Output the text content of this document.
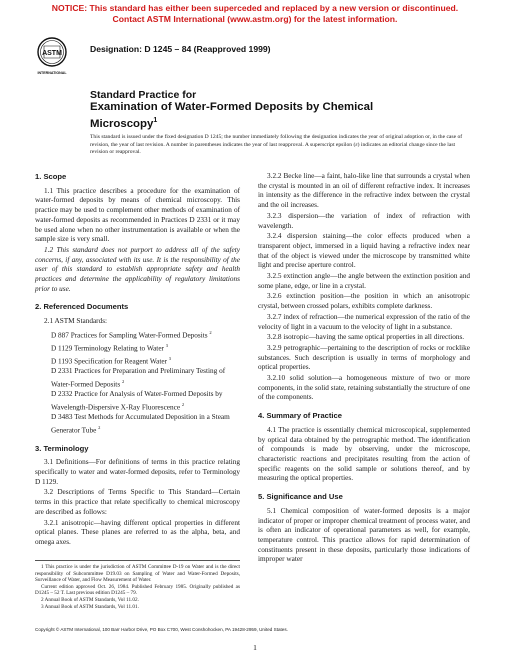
NOTICE: This standard has either been superceded and replaced by a new version or discontinued.
Contact ASTM International (www.astm.org) for the latest information.
ASTM
INTERNATIONAL
Designation: D 1245 – 84 (Reapproved 1999)
Standard Practice for
Examination of Water-Formed Deposits by Chemical
Microscopy$^1$
This standard is issued under the fixed designation D 1245; the number immediately following the designation indicates the year of original adoption or, in the case of revision, the year of last revision. A number in parentheses indicates the year of last reapproval. A superscript epsilon (ε) indicates an editorial change since the last revision or reapproval.
1. Scope

1.1 This practice describes a procedure for the examination of water-formed deposits by means of chemical microscopy. This practice may be used to complement other methods of examination of water-formed deposits as recommended in Practices D 2331 or it may be used alone when no other instrumentation is available or when the sample size is very small.

1.2 This standard does not purport to address all of the safety concerns, if any, associated with its use. It is the responsibility of the user of this standard to establish appropriate safety and health practices and determine the applicability of regulatory limitations prior to use.

2. Referenced Documents

2.1 ASTM Standards:

D 887 Practices for Sampling Water-Formed Deposits $^2$

D 1129 Terminology Relating to Water $^3$

D 1193 Specification for Reagent Water $^3$

D 2331 Practices for Preparation and Preliminary Testing of Water-Formed Deposits $^2$

D 2332 Practice for Analysis of Water-Formed Deposits by Wavelength-Dispersive X-Ray Fluorescence $^2$

D 3483 Test Methods for Accumulated Deposition in a Steam Generator Tube $^2$

3. Terminology

3.1 Definitions—For definitions of terms in this practice relating specifically to water and water-formed deposits, refer to Terminology D 1129.

3.2 Descriptions of Terms Specific to This Standard—Certain terms in this practice that relate specifically to chemical microscopy are described as follows:

3.2.1 anisotropic—having different optical properties in different optical planes. These planes are referred to as the alpha, beta, and omega axes.

1 This practice is under the jurisdiction of ASTM Committee D-19 on Water and is the direct responsibility of Subcommittee D19.03 on Sampling of Water and Water-Formed Deposits, Surveillance of Water, and Flow Measurement of Water.

Current edition approved Oct. 26, 1984. Published February 1985. Originally published as D1245 – 52 T. Last previous edition D1245 – 79.

2 Annual Book of ASTM Standards, Vol 11.02.

3 Annual Book of ASTM Standards, Vol 11.01.

3.2.2 Becke line—a faint, halo-like line that surrounds a crystal when the crystal is mounted in an oil of different refractive index. It increases in intensity as the difference in the refractive index between the crystal and the oil increases.

3.2.3 dispersion—the variation of index of refraction with wavelength.

3.2.4 dispersion staining—the color effects produced when a transparent object, immersed in a liquid having a refractive index near that of the object is viewed under the microscope by transmitted white light and precise aperture control.

3.2.5 extinction angle—the angle between the extinction position and some plane, edge, or line in a crystal.

3.2.6 extinction position—the position in which an anisotropic crystal, between crossed polars, exhibits complete darkness.

3.2.7 index of refraction—the numerical expression of the ratio of the velocity of light in a vacuum to the velocity of light in a substance.

3.2.8 isotropic—having the same optical properties in all directions.

3.2.9 petrographic—pertaining to the description of rocks or rocklike substances. Such description is usually in terms of morphology and optical properties.

3.2.10 solid solution—a homogeneous mixture of two or more components, in the solid state, retaining substantially the structure of one of the components.

4. Summary of Practice

4.1 The practice is essentially chemical microscopical, supplemented by optical data obtained by the petrographic method. The identification of compounds is made by observing, under the microscope, characteristic reactions and precipitates resulting from the action of specific reagents on the solid sample or solutions thereof, and by measuring the optical properties.

5. Significance and Use

5.1 Chemical composition of water-formed deposits is a major indicator of proper or improper chemical treatment of process water, and is often an indicator of operational parameters as well, for example, temperature control. This practice allows for rapid determination of constituents present in these deposits, particularly those indications of improper water

Copyright © ASTM International, 100 Barr Harbor Drive, PO Box C700, West Conshohocken, PA 19428-2959, United States.
1
